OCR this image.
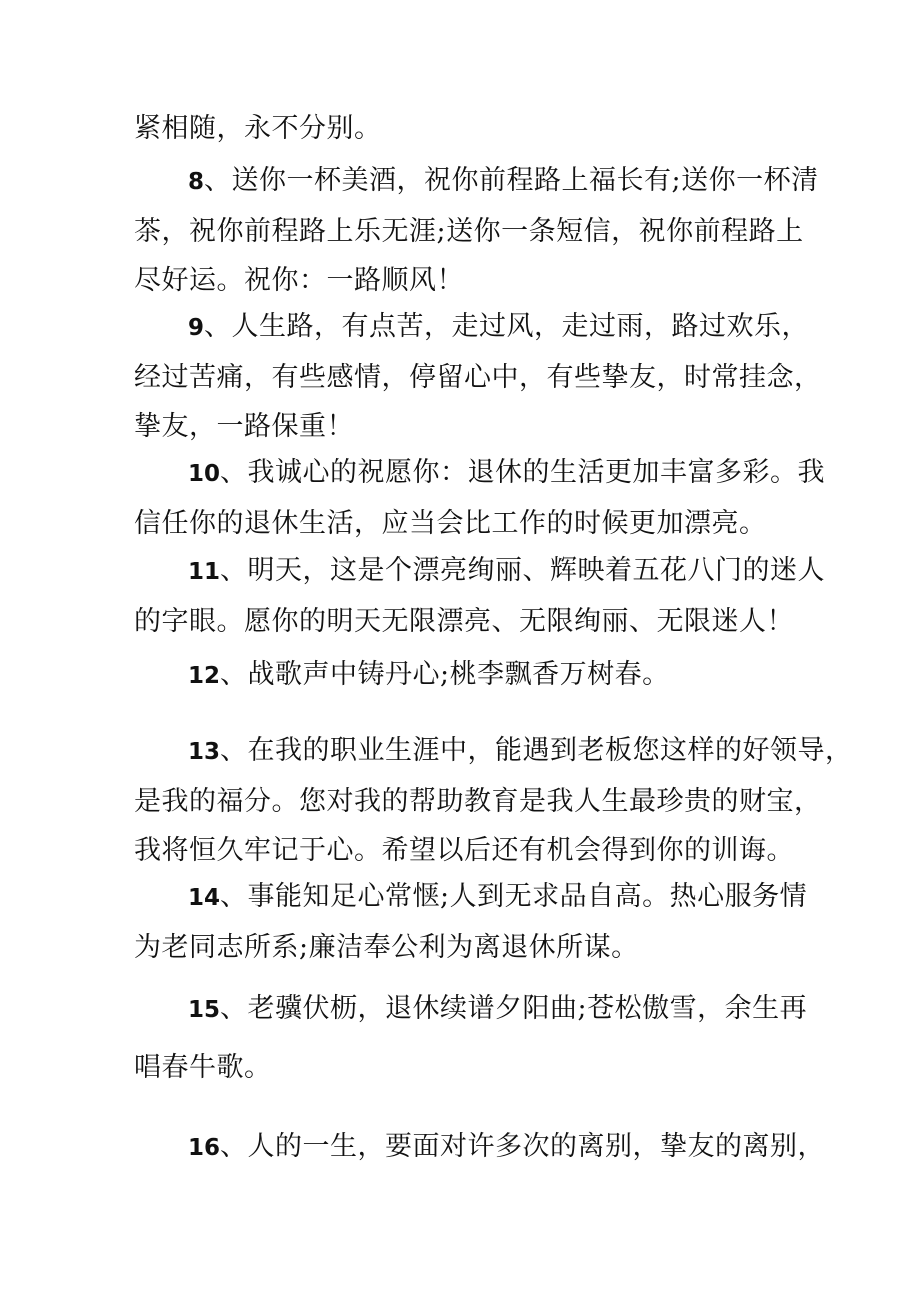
紧相随，永不分别。

8、送你一杯美酒，祝你前程路上福长有;送你一杯清
茶，祝你前程路上乐无涯;送你一条短信，祝你前程路上
尽好运。祝你：一路顺风！

9、人生路，有点苦，走过风，走过雨，路过欢乐，
经过苦痛，有些感情，停留心中，有些挚友，时常挂念，
挚友，一路保重！

10、我诚心的祝愿你：退休的生活更加丰富多彩。我
信任你的退休生活，应当会比工作的时候更加漂亮。

11、明天，这是个漂亮绚丽、辉映着五花八门的迷人
的字眼。愿你的明天无限漂亮、无限绚丽、无限迷人！

12、战歌声中铸丹心;桃李飘香万树春。

13、在我的职业生涯中，能遇到老板您这样的好领导，
是我的福分。您对我的帮助教育是我人生最珍贵的财宝，
我将恒久牢记于心。希望以后还有机会得到你的训诲。

14、事能知足心常惬;人到无求品自高。热心服务情
为老同志所系;廉洁奉公利为离退休所谋。

15、老骥伏枥，退休续谱夕阳曲;苍松傲雪，余生再
唱春牛歌。

16、人的一生，要面对许多次的离别，挚友的离别，
